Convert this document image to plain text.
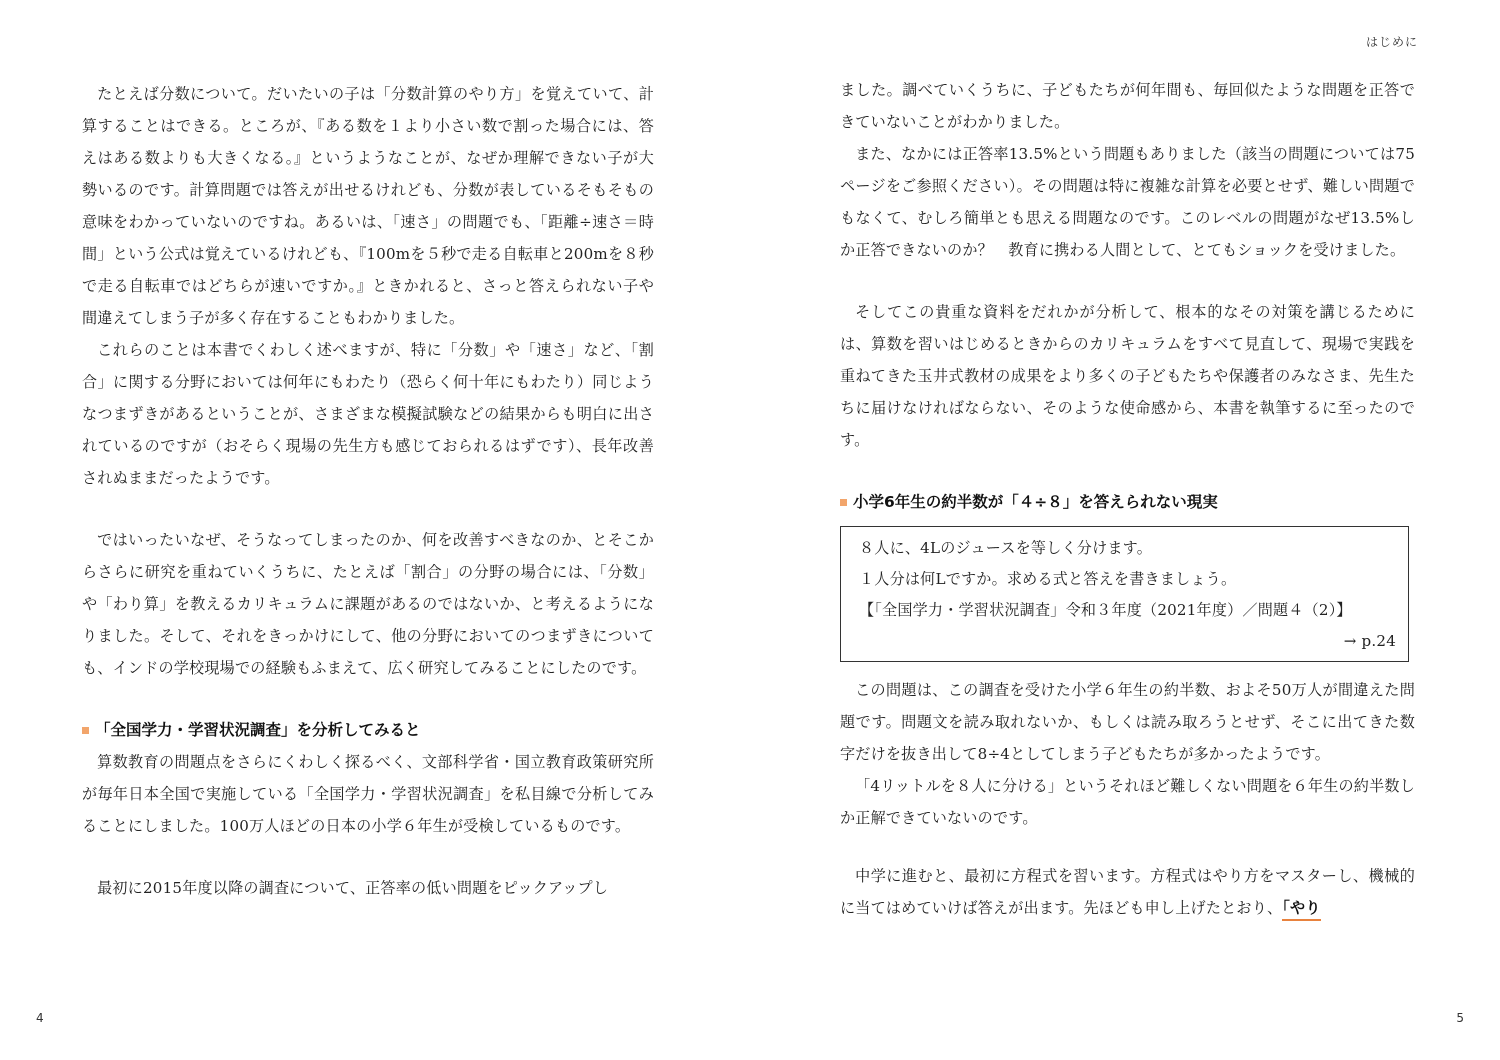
たとえば分数について。だいたいの子は「分数計算のやり方」を覚えていて、計算することはできる。ところが、『ある数を１より小さい数で割った場合には、答えはある数よりも大きくなる。』というようなことが、なぜか理解できない子が大勢いるのです。計算問題では答えが出せるけれども、分数が表しているそもそもの意味をわかっていないのですね。あるいは、「速さ」の問題でも、「距離÷速さ＝時間」という公式は覚えているけれども、『100mを５秒で走る自転車と200mを８秒で走る自転車ではどちらが速いですか。』ときかれると、さっと答えられない子や間違えてしまう子が多く存在することもわかりました。

これらのことは本書でくわしく述べますが、特に「分数」や「速さ」など、「割合」に関する分野においては何年にもわたり（恐らく何十年にもわたり）同じようなつまずきがあるということが、さまざまな模擬試験などの結果からも明白に出されているのですが（おそらく現場の先生方も感じておられるはずです）、長年改善されぬままだったようです。

ではいったいなぜ、そうなってしまったのか、何を改善すべきなのか、とそこからさらに研究を重ねていくうちに、たとえば「割合」の分野の場合には、「分数」や「わり算」を教えるカリキュラムに課題があるのではないか、と考えるようになりました。そして、それをきっかけにして、他の分野においてのつまずきについても、インドの学校現場での経験もふまえて、広く研究してみることにしたのです。

「全国学力・学習状況調査」を分析してみると

算数教育の問題点をさらにくわしく探るべく、文部科学省・国立教育政策研究所が毎年日本全国で実施している「全国学力・学習状況調査」を私目線で分析してみることにしました。100万人ほどの日本の小学６年生が受検しているものです。

最初に2015年度以降の調査について、正答率の低い問題をピックアップし

4
はじめに

ました。調べていくうちに、子どもたちが何年間も、毎回似たような問題を正答できていないことがわかりました。

また、なかには正答率13.5%という問題もありました（該当の問題については75ページをご参照ください）。その問題は特に複雑な計算を必要とせず、難しい問題でもなくて、むしろ簡単とも思える問題なのです。このレベルの問題がなぜ13.5%しか正答できないのか？　教育に携わる人間として、とてもショックを受けました。

そしてこの貴重な資料をだれかが分析して、根本的なその対策を講じるためには、算数を習いはじめるときからのカリキュラムをすべて見直して、現場で実践を重ねてきた玉井式教材の成果をより多くの子どもたちや保護者のみなさま、先生たちに届けなければならない、そのような使命感から、本書を執筆するに至ったのです。

小学6年生の約半数が「４÷８」を答えられない現実

８人に、4Lのジュースを等しく分けます。

１人分は何Lですか。求める式と答えを書きましょう。

【「全国学力・学習状況調査」令和３年度（2021年度）／問題４（2）】

→ p.24

この問題は、この調査を受けた小学６年生の約半数、およそ50万人が間違えた問題です。問題文を読み取れないか、もしくは読み取ろうとせず、そこに出てきた数字だけを抜き出して8÷4としてしまう子どもたちが多かったようです。

「4リットルを８人に分ける」というそれほど難しくない問題を６年生の約半数しか正解できていないのです。

中学に進むと、最初に方程式を習います。方程式はやり方をマスターし、機械的に当てはめていけば答えが出ます。先ほども申し上げたとおり、「やり

5
